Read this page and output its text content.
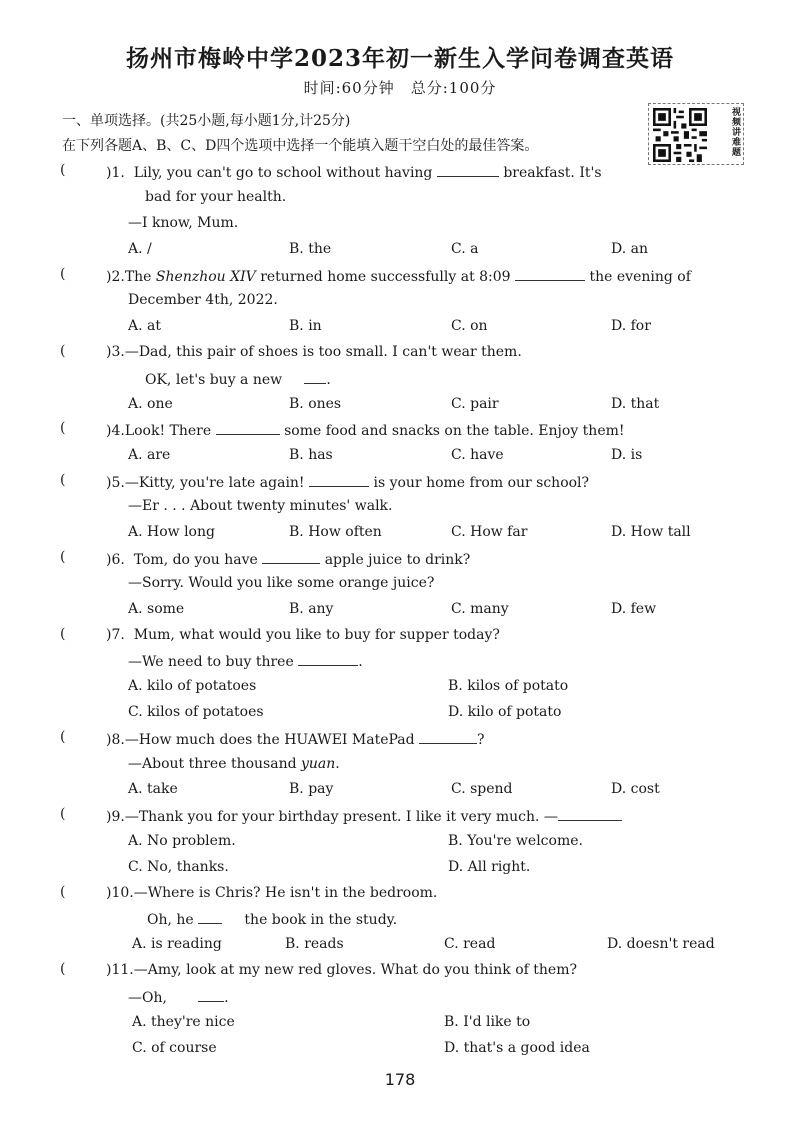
扬州市梅岭中学2023年初一新生入学问卷调查英语
时间:60分钟　总分:100分
视频讲难题
一、单项选择。(共25小题,每小题1分,计25分)
在下列各题A、B、C、D四个选项中选择一个能填入题干空白处的最佳答案。
(	)1. Lily, you can't go to school without having	breakfast. It's
bad for your health.
—I know, Mum.
A. /	B. the	C. a	D. an
(	)2.The Shenzhou XIV returned home successfully at 8:09	the evening of
December 4th, 2022.
A. at	B. in	C. on	D. for
(	)3.—Dad, this pair of shoes is too small. I can't wear them.
OK, let's buy a new	.
A. one	B. ones	C. pair	D. that
(	)4.Look! There	some food and snacks on the table. Enjoy them!
A. are	B. has	C. have	D. is
(	)5.—Kitty, you're late again!	is your home from our school?
—Er . . . About twenty minutes' walk.
A. How long	B. How often	C. How far	D. How tall
(	)6. Tom, do you have	apple juice to drink?
—Sorry. Would you like some orange juice?
A. some	B. any	C. many	D. few
(	)7. Mum, what would you like to buy for supper today?
—We need to buy three	.
A. kilo of potatoes	B. kilos of potato
C. kilos of potatoes	D. kilo of potato
(	)8.—How much does the HUAWEI MatePad	?
—About three thousand yuan.
A. take	B. pay	C. spend	D. cost
(	)9.—Thank you for your birthday present. I like it very much. —
A. No problem.	B. You're welcome.
C. No, thanks.	D. All right.
(	)10.—Where is Chris? He isn't in the bedroom.
Oh, he	the book in the study.
A. is reading	B. reads	C. read	D. doesn't read
(	)11.—Amy, look at my new red gloves. What do you think of them?
—Oh,	.
A. they're nice	B. I'd like to
C. of course	D. that's a good idea
178
